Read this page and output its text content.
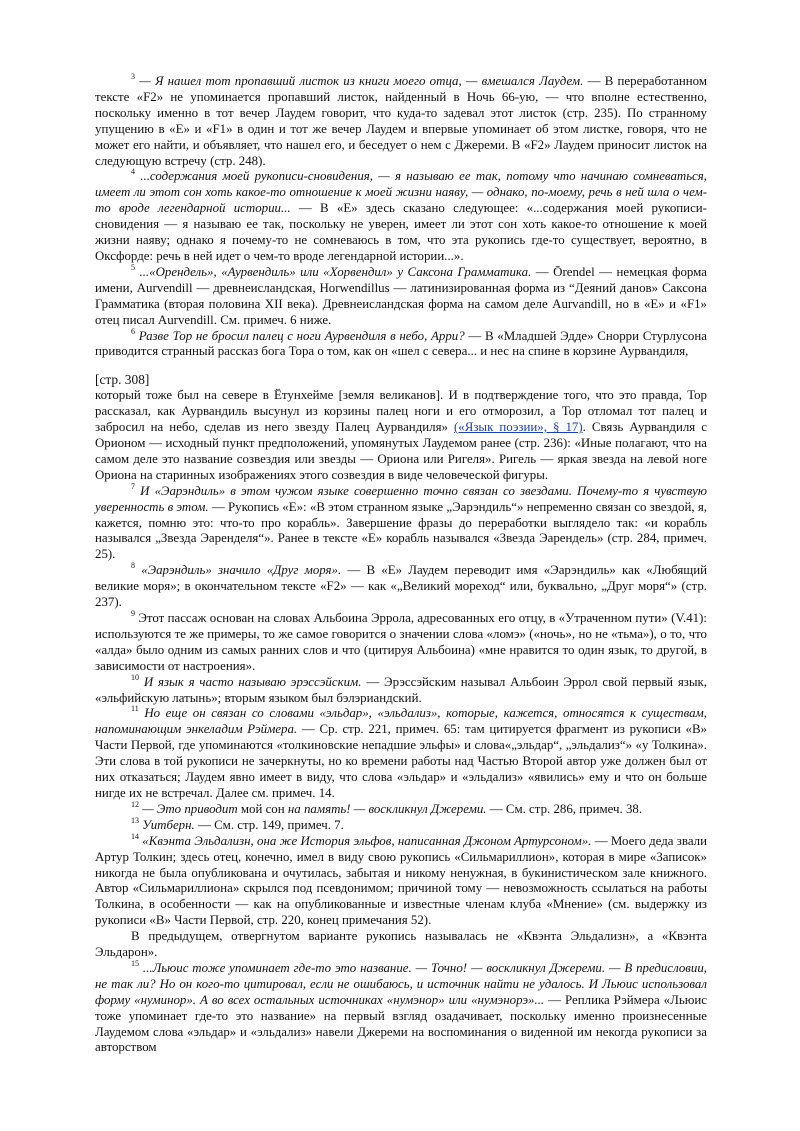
$^3$ — Я нашел тот пропавший листок из книги моего отца, — вмешался Лаудем. — В переработанном тексте «F2» не упоминается пропавший листок, найденный в Ночь 66-ую, — что вполне естественно, поскольку именно в тот вечер Лаудем говорит, что куда-то задевал этот листок (стр. 235). По странному упущению в «E» и «F1» в один и тот же вечер Лаудем и впервые упоминает об этом листке, говоря, что не может его найти, и объявляет, что нашел его, и беседует о нем с Джереми. В «F2» Лаудем приносит листок на следующую встречу (стр. 248).

$^4$ ...содержания моей рукописи-сновидения, — я называю ее так, потому что начинаю сомневаться, имеет ли этот сон хоть какое-то отношение к моей жизни наяву, — однако, по-моему, речь в ней шла о чем-то вроде легендарной истории... — В «E» здесь сказано следующее: «...содержания моей рукописи-сновидения — я называю ее так, поскольку не уверен, имеет ли этот сон хоть какое-то отношение к моей жизни наяву; однако я почему-то не сомневаюсь в том, что эта рукопись где-то существует, вероятно, в Оксфорде: речь в ней идет о чем-то вроде легендарной истории...».

$^5$ ...«Орендель», «Аурвендиль» или «Хорвендил» у Саксона Грамматика. — Ōrendel — немецкая форма имени, Aurvendill — древнеисландская, Horwendillus — латинизированная форма из “Деяний данов» Саксона Грамматика (вторая половина XII века). Древнеисландская форма на самом деле Aurvandill, но в «E» и «F1» отец писал Aurvendill. См. примеч. 6 ниже.

$^6$ Разве Тор не бросил палец с ноги Аурвендиля в небо, Арри? — В «Младшей Эдде» Снорри Стурлусона приводится странный рассказ бога Тора о том, как он «шел с севера... и нес на спине в корзине Аурвандиля,

[стр. 308]

который тоже был на севере в Ётунхейме [земля великанов]. И в подтверждение того, что это правда, Тор рассказал, как Аурвандиль высунул из корзины палец ноги и его отморозил, а Тор отломал тот палец и забросил на небо, сделав из него звезду Палец Аурвандиля» («Язык поэзии», § 17). Связь Аурвандиля с Орионом — исходный пункт предположений, упомянутых Лаудемом ранее (стр. 236): «Иные полагают, что на самом деле это название созвездия или звезды — Ориона или Ригеля». Ригель — яркая звезда на левой ноге Ориона на старинных изображениях этого созвездия в виде человеческой фигуры.

$^7$ И «Эарэндиль» в этом чужом языке совершенно точно связан со звездами. Почему-то я чувствую уверенность в этом. — Рукопись «E»: «В этом странном языке „Эарэндиль“» непременно связан со звездой, я, кажется, помню это: что-то про корабль». Завершение фразы до переработки выглядело так: «и корабль назывался „Звезда Эаренделя“». Ранее в тексте «E» корабль назывался «Звезда Эарендель» (стр. 284, примеч. 25).

$^8$ «Эарэндиль» значило «Друг моря». — В «E» Лаудем переводит имя «Эарэндиль» как «Любящий великие моря»; в окончательном тексте «F2» — как «„Великий мореход“ или, буквально, „Друг моря“» (стр. 237).

$^9$ Этот пассаж основан на словах Альбоина Эррола, адресованных его отцу, в «Утраченном пути» (V.41): используются те же примеры, то же самое говорится о значении слова «ломэ» («ночь», но не «тьма»), о то, что «алда» было одним из самых ранних слов и что (цитируя Альбоина) «мне нравится то один язык, то другой, в зависимости от настроения».

$^{10}$ И язык я часто называю эрэссэйским. — Эрэссэйским называл Альбоин Эррол свой первый язык, «эльфийскую латынь»; вторым языком был бэлэриандский.

$^{11}$ Но еще он связан со словами «эльдар», «эльдализ», которые, кажется, относятся к существам, напоминающим энкеладим Рэймера. — Ср. стр. 221, примеч. 65: там цитируется фрагмент из рукописи «B» Части Первой, где упоминаются «толкиновские непадшие эльфы» и слова«„эльдар“, „эльдализ“» «у Толкина». Эти слова в той рукописи не зачеркнуты, но ко времени работы над Частью Второй автор уже должен был от них отказаться; Лаудем явно имеет в виду, что слова «эльдар» и «эльдализ» «явились» ему и что он больше нигде их не встречал. Далее см. примеч. 14.

$^{12}$ — Это приводит мой сон на память! — воскликнул Джереми. — См. стр. 286, примеч. 38.

$^{13}$ Уитберн. — См. стр. 149, примеч. 7.

$^{14}$ «Квэнта Эльдализн, она же История эльфов, написанная Джоном Артурсоном». — Моего деда звали Артур Толкин; здесь отец, конечно, имел в виду свою рукопись «Сильмариллион», которая в мире «Записок» никогда не была опубликована и очутилась, забытая и никому ненужная, в букинистическом зале книжного. Автор «Сильмариллиона» скрылся под псевдонимом; причиной тому — невозможность ссылаться на работы Толкина, в особенности — как на опубликованные и известные членам клуба «Мнение» (см. выдержку из рукописи «B» Части Первой, стр. 220, конец примечания 52).

В предыдущем, отвергнутом варианте рукопись называлась не «Квэнта Эльдализн», а «Квэнта Эльдарон».

$^{15}$ ...Льюис тоже упоминает где-то это название. — Точно! — воскликнул Джереми. — В предисловии, не так ли? Но он кого-то цитировал, если не ошибаюсь, и источник найти не удалось. И Льюис использовал форму «нуминор». А во всех остальных источниках «нумэнор» или «нумэнорэ»... — Реплика Рэймера «Льюис тоже упоминает где-то это название» на первый взгляд озадачивает, поскольку именно произнесенные Лаудемом слова «эльдар» и «эльдализ» навели Джереми на воспоминания о виденной им некогда рукописи за авторством
